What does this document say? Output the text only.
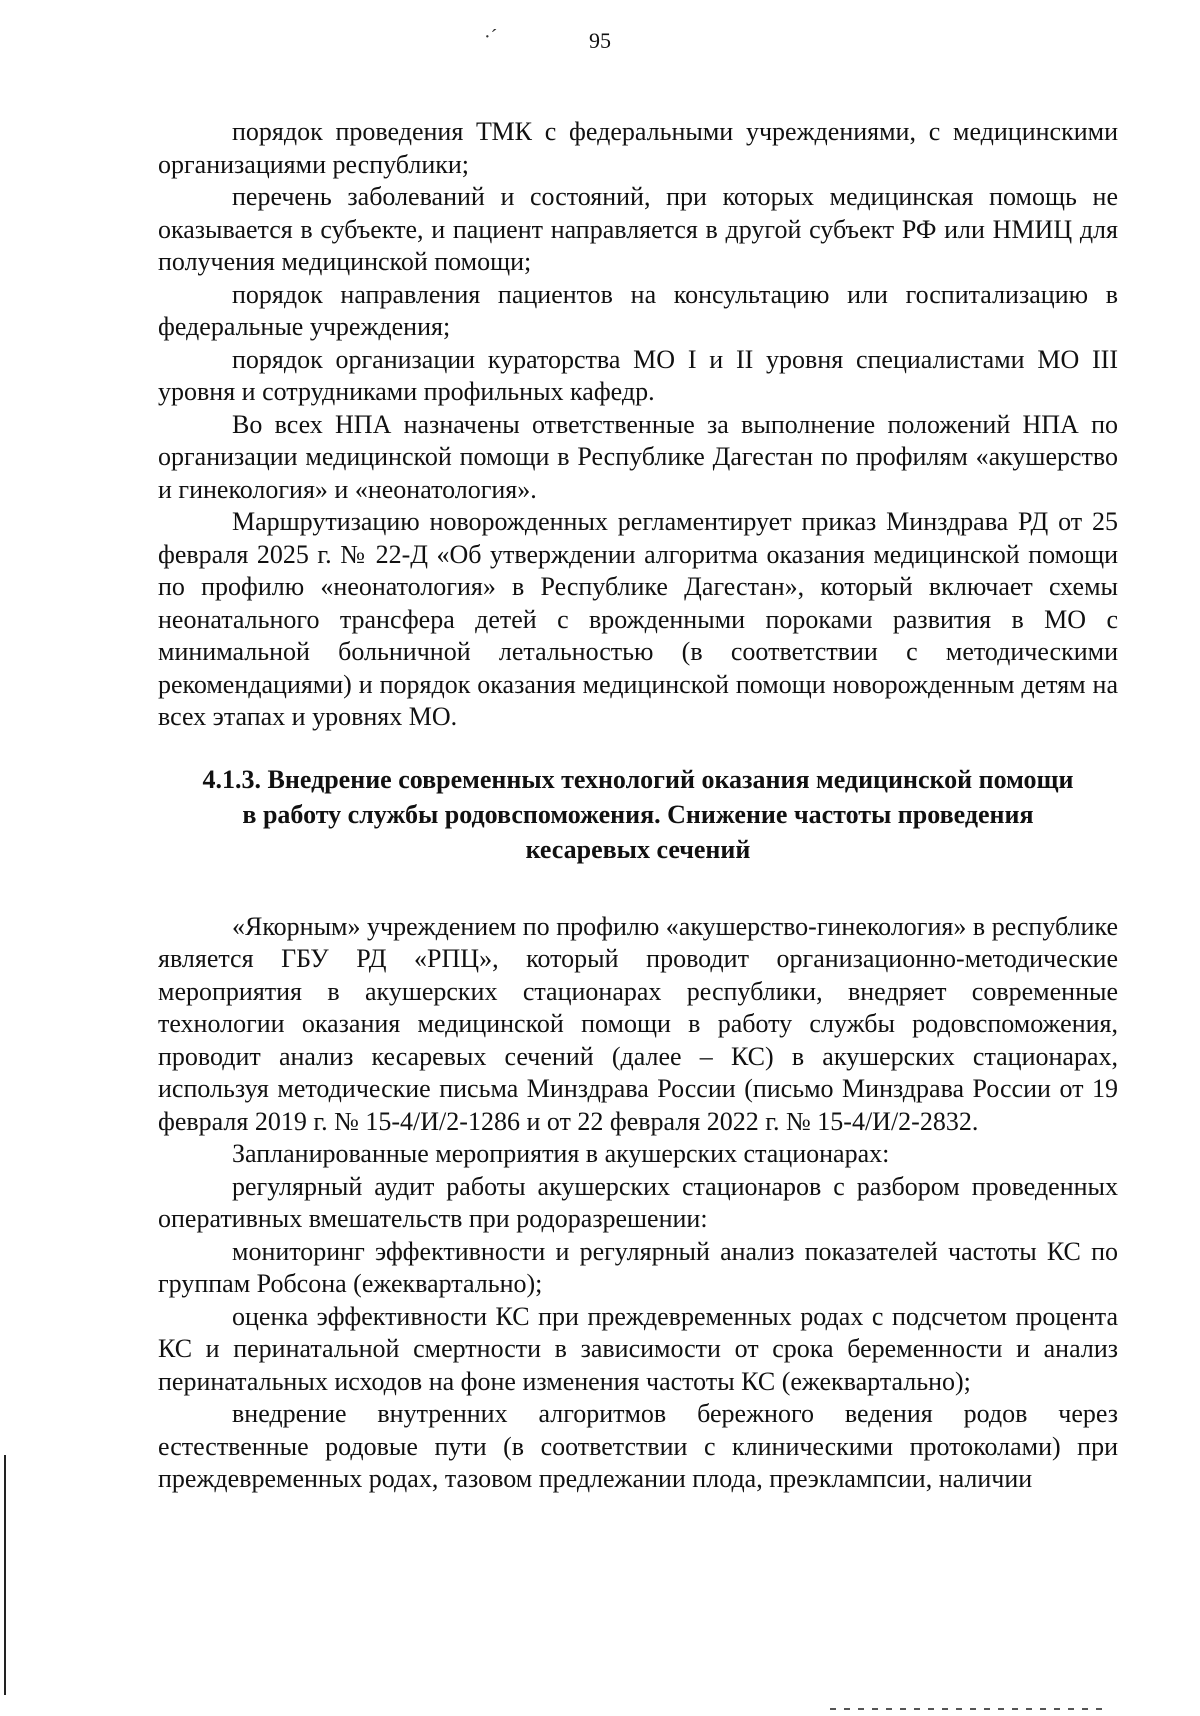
·´	95

порядок проведения ТМК с федеральными учреждениями, с медицинскими организациями республики;

перечень заболеваний и состояний, при которых медицинская помощь не оказывается в субъекте, и пациент направляется в другой субъект РФ или НМИЦ для получения медицинской помощи;

порядок направления пациентов на консультацию или госпитализацию в федеральные учреждения;

порядок организации кураторства МО I и II уровня специалистами МО III уровня и сотрудниками профильных кафедр.

Во всех НПА назначены ответственные за выполнение положений НПА по организации медицинской помощи в Республике Дагестан по профилям «акушерство и гинекология» и «неонатология».

Маршрутизацию новорожденных регламентирует приказ Минздрава РД от 25 февраля 2025 г. № 22-Д «Об утверждении алгоритма оказания медицинской помощи по профилю «неонатология» в Республике Дагестан», который включает схемы неонатального трансфера детей с врожденными пороками развития в МО с минимальной больничной летальностью (в соответствии с методическими рекомендациями) и порядок оказания медицинской помощи новорожденным детям на всех этапах и уровнях МО.

4.1.3. Внедрение современных технологий оказания медицинской помощи в работу службы родовспоможения. Снижение частоты проведения кесаревых сечений

«Якорным» учреждением по профилю «акушерство-гинекология» в республике является ГБУ РД «РПЦ», который проводит организационно-методические мероприятия в акушерских стационарах республики, внедряет современные технологии оказания медицинской помощи в работу службы родовспоможения, проводит анализ кесаревых сечений (далее – КС) в акушерских стационарах, используя методические письма Минздрава России (письмо Минздрава России от 19 февраля 2019 г. № 15-4/И/2-1286 и от 22 февраля 2022 г. № 15-4/И/2-2832.

Запланированные мероприятия в акушерских стационарах:

регулярный аудит работы акушерских стационаров с разбором проведенных оперативных вмешательств при родоразрешении:

мониторинг эффективности и регулярный анализ показателей частоты КС по группам Робсона (ежеквартально);

оценка эффективности КС при преждевременных родах с подсчетом процента КС и перинатальной смертности в зависимости от срока беременности и анализ перинатальных исходов на фоне изменения частоты КС (ежеквартально);

внедрение внутренних алгоритмов бережного ведения родов через естественные родовые пути (в соответствии с клиническими протоколами) при преждевременных родах, тазовом предлежании плода, преэклампсии, наличии
